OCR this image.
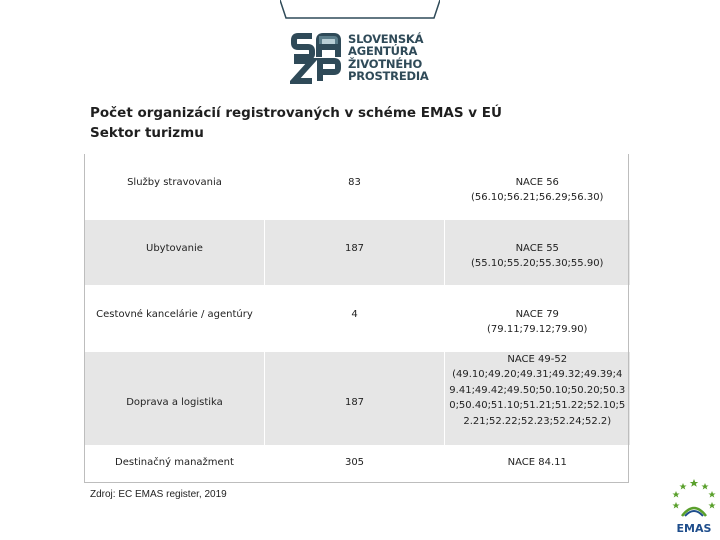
SLOVENSKÁ
AGENTÚRA
ŽIVOTNÉHO
PROSTREDIA
Počet organizácií registrovaných v schéme EMAS v EÚ
Sektor turizmu
Služby stravovania	83	NACE 56
(56.10;56.21;56.29;56.30)

Ubytovanie	187	NACE 55
(55.10;55.20;55.30;55.90)

Cestovné kancelárie / agentúry	4	NACE 79
(79.11;79.12;79.90)

Doprava a logistika	187	NACE 49-52
(49.10;49.20;49.31;49.32;49.39;49.41;49.42;49.50;50.10;50.20;50.30;50.40;51.10;51.21;51.22;52.10;52.21;52.22;52.23;52.24;52.2)

Destinačný manažment	305	NACE 84.11
Zdroj: EC EMAS register, 2019
EMAS
